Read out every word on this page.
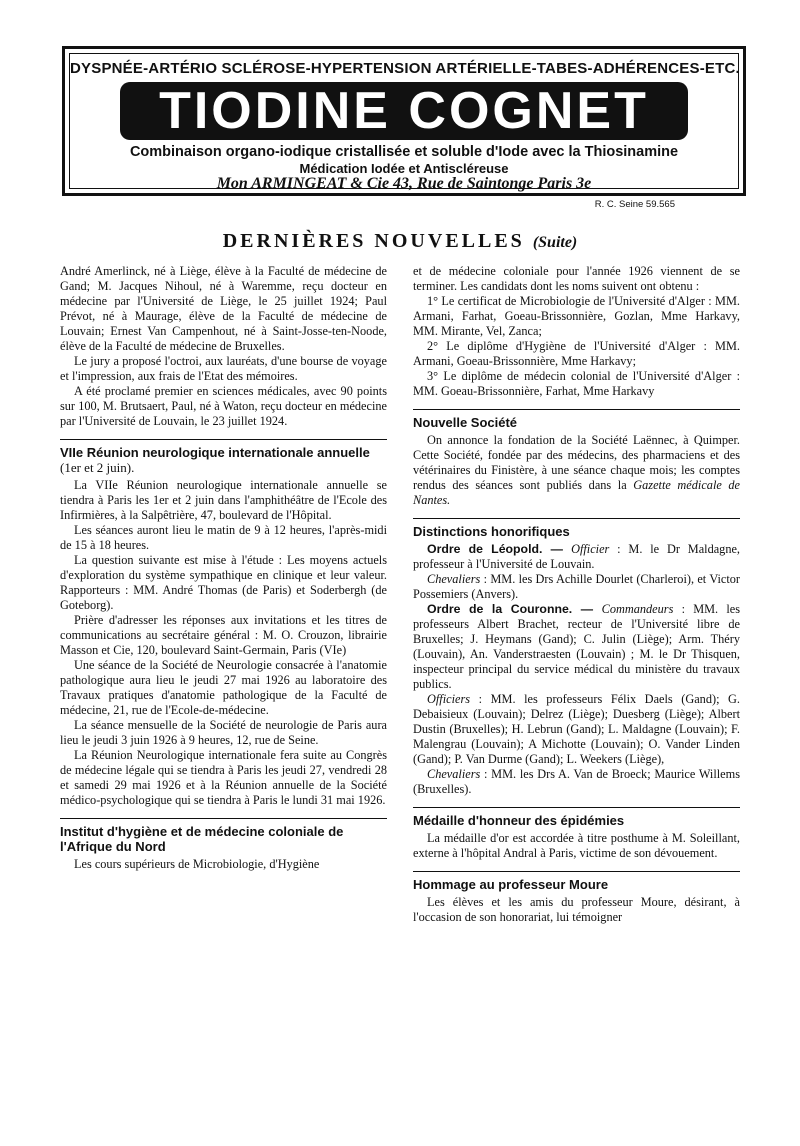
DYSPNÉE-ARTÉRIO SCLÉROSE-HYPERTENSION ARTÉRIELLE-TABES-ADHÉRENCES-ETC.
TIODINE COGNET
Combinaison organo-iodique cristallisée et soluble d'Iode avec la Thiosinamine
Médication Iodée et Antiscléreuse
Mon ARMINGEAT & Cie 43, Rue de Saintonge Paris 3e
R. C. Seine 59.565
DERNIÈRES NOUVELLES (Suite)

André Amerlinck, né à Liège, élève à la Faculté de médecine de Gand; M. Jacques Nihoul, né à Waremme, reçu docteur en médecine par l'Université de Liège, le 25 juillet 1924; Paul Prévot, né à Maurage, élève de la Faculté de médecine de Louvain; Ernest Van Campenhout, né à Saint-Josse-ten-Noode, élève de la Faculté de médecine de Bruxelles.

Le jury a proposé l'octroi, aux lauréats, d'une bourse de voyage et l'impression, aux frais de l'Etat des mémoires.

A été proclamé premier en sciences médicales, avec 90 points sur 100, M. Brutsaert, Paul, né à Waton, reçu docteur en médecine par l'Université de Louvain, le 23 juillet 1924.

VIIe Réunion neurologique internationale annuelle (1er et 2 juin).

La VIIe Réunion neurologique internationale annuelle se tiendra à Paris les 1er et 2 juin dans l'amphithéâtre de l'Ecole des Infirmières, à la Salpêtrière, 47, boulevard de l'Hôpital.

Les séances auront lieu le matin de 9 à 12 heures, l'après-midi de 15 à 18 heures.

La question suivante est mise à l'étude : Les moyens actuels d'exploration du système sympathique en clinique et leur valeur. Rapporteurs : MM. André Thomas (de Paris) et Soderbergh (de Goteborg).

Prière d'adresser les réponses aux invitations et les titres de communications au secrétaire général : M. O. Crouzon, librairie Masson et Cie, 120, boulevard Saint-Germain, Paris (VIe)

Une séance de la Société de Neurologie consacrée à l'anatomie pathologique aura lieu le jeudi 27 mai 1926 au laboratoire des Travaux pratiques d'anatomie pathologique de la Faculté de médecine, 21, rue de l'Ecole-de-médecine.

La séance mensuelle de la Société de neurologie de Paris aura lieu le jeudi 3 juin 1926 à 9 heures, 12, rue de Seine.

La Réunion Neurologique internationale fera suite au Congrès de médecine légale qui se tiendra à Paris les jeudi 27, vendredi 28 et samedi 29 mai 1926 et à la Réunion annuelle de la Société médico-psychologique qui se tiendra à Paris le lundi 31 mai 1926.

Institut d'hygiène et de médecine coloniale de l'Afrique du Nord

Les cours supérieurs de Microbiologie, d'Hygiène

et de médecine coloniale pour l'année 1926 viennent de se terminer. Les candidats dont les noms suivent ont obtenu :

1° Le certificat de Microbiologie de l'Université d'Alger : MM. Armani, Farhat, Goeau-Brissonnière, Gozlan, Mme Harkavy, MM. Mirante, Vel, Zanca;

2° Le diplôme d'Hygiène de l'Université d'Alger : MM. Armani, Goeau-Brissonnière, Mme Harkavy;

3° Le diplôme de médecin colonial de l'Université d'Alger : MM. Goeau-Brissonnière, Farhat, Mme Harkavy

Nouvelle Société

On annonce la fondation de la Société Laënnec, à Quimper. Cette Société, fondée par des médecins, des pharmaciens et des vétérinaires du Finistère, à une séance chaque mois; les comptes rendus des séances sont publiés dans la Gazette médicale de Nantes.

Distinctions honorifiques

Ordre de Léopold. — Officier : M. le Dr Maldagne, professeur à l'Université de Louvain.

Chevaliers : MM. les Drs Achille Dourlet (Charleroi), et Victor Possemiers (Anvers).

Ordre de la Couronne. — Commandeurs : MM. les professeurs Albert Brachet, recteur de l'Université libre de Bruxelles; J. Heymans (Gand); C. Julin (Liège); Arm. Théry (Louvain), An. Vanderstraesten (Louvain) ; M. le Dr Thisquen, inspecteur principal du service médical du ministère du travaux publics.

Officiers : MM. les professeurs Félix Daels (Gand); G. Debaisieux (Louvain); Delrez (Liège); Duesberg (Liège); Albert Dustin (Bruxelles); H. Lebrun (Gand); L. Maldagne (Louvain); F. Malengrau (Louvain); A Michotte (Louvain); O. Vander Linden (Gand); P. Van Durme (Gand); L. Weekers (Liège),

Chevaliers : MM. les Drs A. Van de Broeck; Maurice Willems (Bruxelles).

Médaille d'honneur des épidémies

La médaille d'or est accordée à titre posthume à M. Soleillant, externe à l'hôpital Andral à Paris, victime de son dévouement.

Hommage au professeur Moure

Les élèves et les amis du professeur Moure, désirant, à l'occasion de son honorariat, lui témoigner
